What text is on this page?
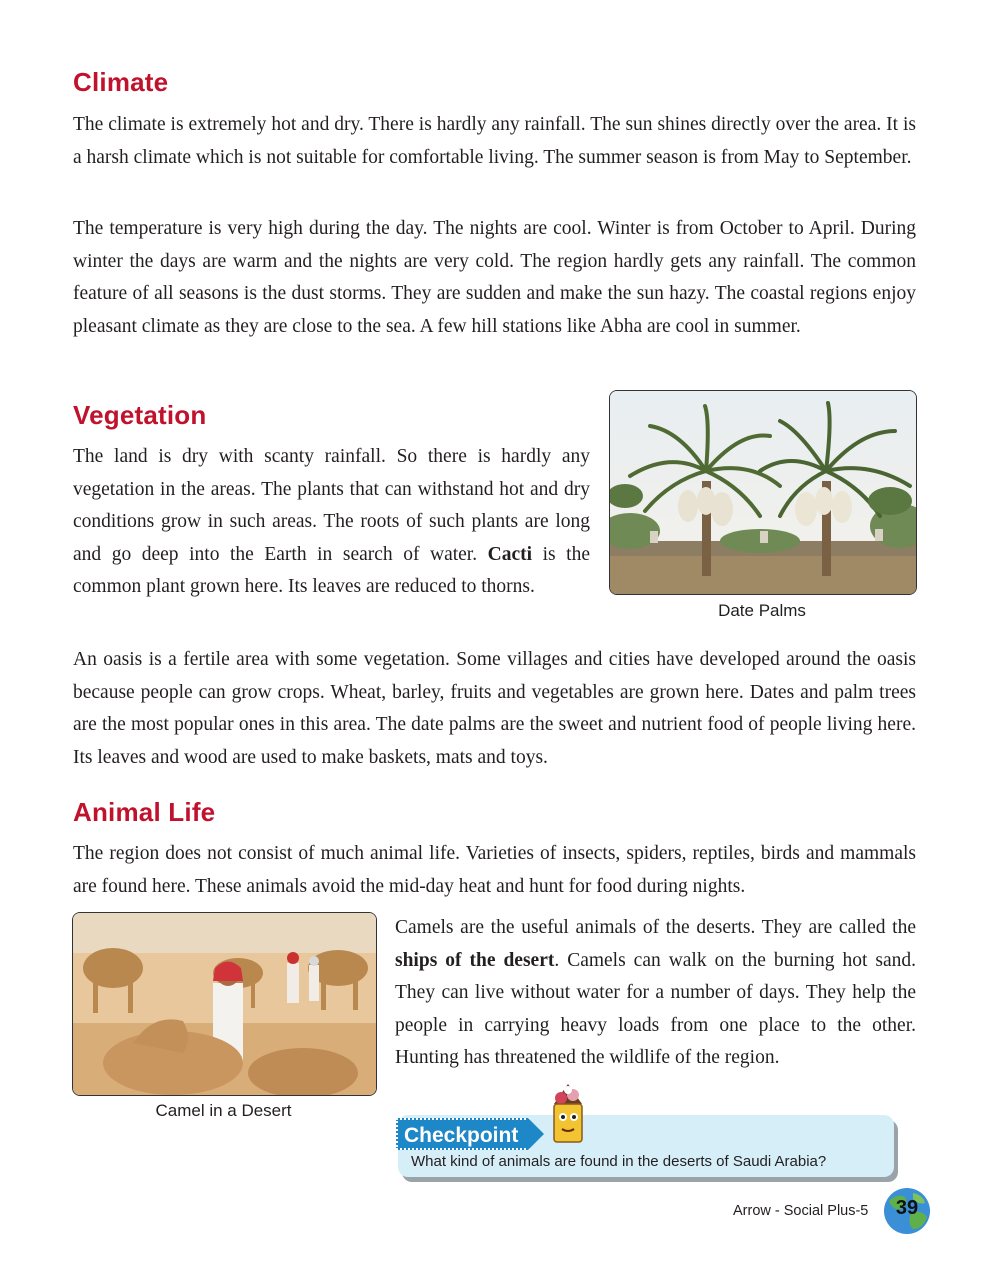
Climate

The climate is extremely hot and dry. There is hardly any rainfall. The sun shines directly over the area. It is a harsh climate which is not suitable for comfortable living. The summer season is from May to September.

The temperature is very high during the day. The nights are cool. Winter is from October to April. During winter the days are warm and the nights are very cold. The region hardly gets any rainfall. The common feature of all seasons is the dust storms. They are sudden and make the sun hazy. The coastal regions enjoy pleasant climate as they are close to the sea. A few hill stations like Abha are cool in summer.

Vegetation

The land is dry with scanty rainfall. So there is hardly any vegetation in the areas. The plants that can withstand hot and dry conditions grow in such areas. The roots of such plants are long and go deep into the Earth in search of water. Cacti is the common plant grown here. Its leaves are reduced to thorns.

Date Palms

An oasis is a fertile area with some vegetation. Some villages and cities have developed around the oasis because people can grow crops. Wheat, barley, fruits and vegetables are grown here. Dates and palm trees are the most popular ones in this area. The date palms are the sweet and nutrient food of people living here. Its leaves and wood are used to make baskets, mats and toys.

Animal Life

The region does not consist of much animal life. Varieties of insects, spiders, reptiles, birds and mammals are found here. These animals avoid the mid-day heat and hunt for food during nights.

Camel in a Desert

Camels are the useful animals of the deserts. They are called the ships of the desert. Camels can walk on the burning hot sand. They can live without water for a number of days. They help the people in carrying heavy loads from one place to the other. Hunting has threatened the wildlife of the region.

Checkpoint
What kind of animals are found in the deserts of Saudi Arabia?
Arrow - Social Plus-5	39
